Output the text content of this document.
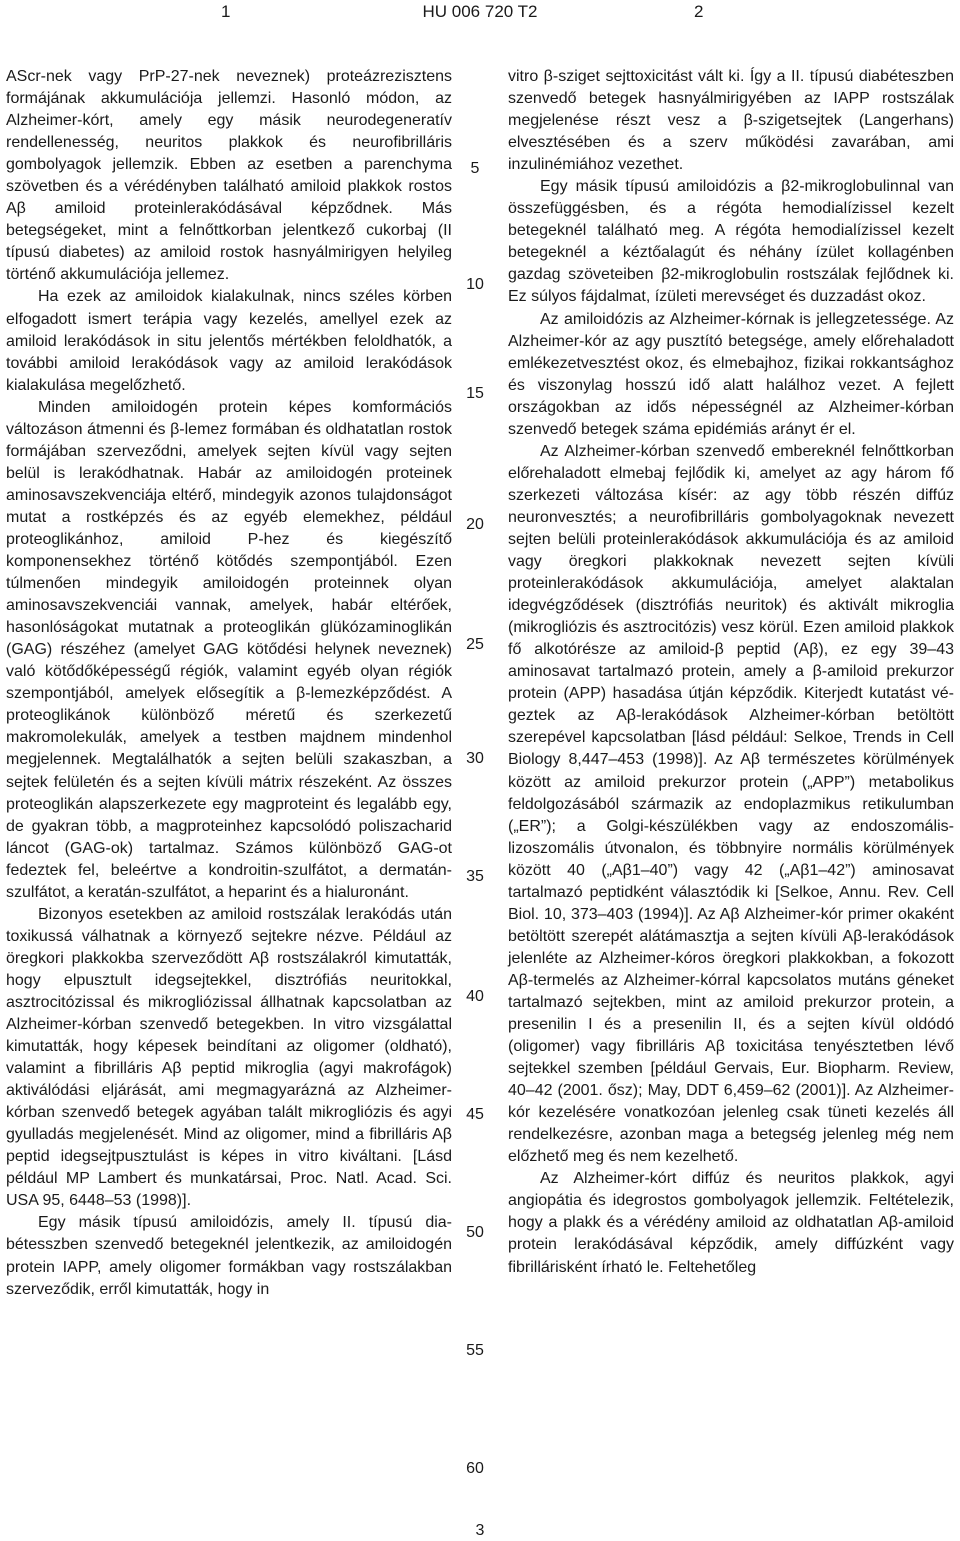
1	HU 006 720 T2	2

AScr-nek vagy PrP-27-nek neveznek) proteázrezisztens formájának akkumulációja jellemzi. Hasonló módon, az Alzheimer-kórt, amely egy másik neurodegeneratív rendellenesség, neuritos plakkok és neurofibrilláris gombolyagok jellemzik. Ebben az esetben a parenchyma szövetben és a vérédényben található amiloid plakkok rostos Aβ amiloid proteinlerakódásával képződnek. Más betegségeket, mint a felnőttkorban jelentkező cukorbaj (II típusú diabetes) az amiloid rostok hasnyálmirigyen helyileg történő akkumulációja jellemez.

Ha ezek az amiloidok kialakulnak, nincs széles körben elfogadott ismert terápia vagy kezelés, amellyel ezek az amiloid lerakódások in situ jelentős mértékben feloldhatók, a további amiloid lerakódások vagy az amiloid lerakódások kialakulása megelőzhető.

Minden amiloidogén protein képes komformációs változáson átmenni és β-lemez formában és oldhatatlan rostok formájában szerveződni, amelyek sejten kívül vagy sejten belül is lerakódhatnak. Habár az amiloidogén proteinek aminosavszekvenciája eltérő, mindegyik azonos tulajdonságot mutat a rostképzés és az egyéb elemekhez, például proteoglikánhoz, amiloid P-hez és kiegészítő komponensekhez történő kötődés szempontjából. Ezen túlmenően mindegyik amiloidogén proteinnek olyan aminosavszekvenciái vannak, amelyek, habár eltérőek, hasonlóságokat mutatnak a proteoglikán glükózaminoglikán (GAG) részéhez (amelyet GAG kötődési helynek neveznek) való kötődőképességű régiók, valamint egyéb olyan régiók szempontjából, amelyek elősegítik a β-lemezképződést. A proteoglikánok különböző méretű és szerkezetű makromolekulák, amelyek a testben majdnem mindenhol megjelennek. Megtalálhatók a sejten belüli szakaszban, a sejtek felületén és a sejten kívüli mátrix részeként. Az összes proteoglikán alapszerkezete egy magproteint és legalább egy, de gyakran több, a magproteinhez kapcsolódó poliszacharid láncot (GAG-ok) tartalmaz. Számos különböző GAG-ot fedeztek fel, beleértve a kondroitin-szulfátot, a dermatán-szulfátot, a keratán-szulfátot, a heparint és a hialuronánt.

Bizonyos esetekben az amiloid rostszálak lerakódás után toxikussá válhatnak a környező sejtekre nézve. Például az öregkori plakkokba szerveződött Aβ rostszálakról kimutatták, hogy elpusztult idegsejtekkel, disztrófiás neuritokkal, asztrocitózissal és mikrogliózissal állhatnak kapcsolatban az Alzheimer-kórban szenvedő betegekben. In vitro vizsgálattal kimutatták, hogy képesek beindítani az oligomer (oldható), valamint a fibrilláris Aβ peptid mikroglia (agyi makrofágok) aktiválódási eljárását, ami megmagyarázná az Alzheimer-kórban szenvedő betegek agyában talált mikrogliózis és agyi gyulladás megjelenését. Mind az oligomer, mind a fibrilláris Aβ peptid idegsejtpusztulást is képes in vitro kiváltani. [Lásd például MP Lambert és munkatársai, Proc. Natl. Acad. Sci. USA 95, 6448–53 (1998)].

Egy másik típusú amiloidózis, amely II. típusú diabétesszben szenvedő betegeknél jelentkezik, az amiloidogén protein IAPP, amely oligomer formákban vagy rostszálakban szerveződik, erről kimutatták, hogy in

vitro β-sziget sejttoxicitást vált ki. Így a II. típusú diabéteszben szenvedő betegek hasnyálmirigyében az IAPP rostszálak megjelenése részt vesz a β-szigetsejtek (Langerhans) elvesztésében és a szerv működési zavarában, ami inzulinémiához vezethet.

Egy másik típusú amiloidózis a β2-mikroglobulinnal van összefüggésben, és a régóta hemodialízissel kezelt betegeknél található meg. A régóta hemodialízissel kezelt betegeknél a kéztőalagút és néhány ízület kollagénben gazdag szöveteiben β2-mikroglobulin rostszálak fejlődnek ki. Ez súlyos fájdalmat, ízületi merevséget és duzzadást okoz.

Az amiloidózis az Alzheimer-kórnak is jellegzetessége. Az Alzheimer-kór az agy pusztító betegsége, amely előrehaladott emlékezetvesztést okoz, és elmebajhoz, fizikai rokkantsághoz és viszonylag hosszú idő alatt halálhoz vezet. A fejlett országokban az idős népességnél az Alzheimer-kórban szenvedő betegek száma epidémiás arányt ér el.

Az Alzheimer-kórban szenvedő embereknél felnőttkorban előrehaladott elmebaj fejlődik ki, amelyet az agy három fő szerkezeti változása kísér: az agy több részén diffúz neuronvesztés; a neurofibrilláris gombolyagoknak nevezett sejten belüli proteinlerakódások akkumulációja és az amiloid vagy öregkori plakkoknak nevezett sejten kívüli proteinlerakódások akkumulációja, amelyet alaktalan idegvégződések (disztrófiás neuritok) és aktivált mikroglia (mikrogliózis és asztrocitózis) vesz körül. Ezen amiloid plakkok fő alkotórésze az amiloid-β peptid (Aβ), ez egy 39–43 aminosavat tartalmazó protein, amely a β-amiloid prekurzor protein (APP) hasadása útján képződik. Kiterjedt kutatást végeztek az Aβ-lerakódások Alzheimer-kórban betöltött szerepével kapcsolatban [lásd például: Selkoe, Trends in Cell Biology 8,447–453 (1998)]. Az Aβ természetes körülmények között az amiloid prekurzor protein („APP”) metabolikus feldolgozásából származik az endoplazmikus retikulumban („ER”); a Golgi-készülékben vagy az endoszomális-lizoszomális útvonalon, és többnyire normális körülmények között 40 („Aβ1–40”) vagy 42 („Aβ1–42”) aminosavat tartalmazó peptidként választódik ki [Selkoe, Annu. Rev. Cell Biol. 10, 373–403 (1994)]. Az Aβ Alzheimer-kór primer okaként betöltött szerepét alátámasztja a sejten kívüli Aβ-lerakódások jelenléte az Alzheimer-kóros öregkori plakkokban, a fokozott Aβ-termelés az Alzheimer-kórral kapcsolatos mutáns géneket tartalmazó sejtekben, mint az amiloid prekurzor protein, a presenilin I és a presenilin II, és a sejten kívül oldódó (oligomer) vagy fibrilláris Aβ toxicitása tenyésztetben lévő sejtekkel szemben [például Gervais, Eur. Biopharm. Review, 40–42 (2001. ősz); May, DDT 6,459–62 (2001)]. Az Alzheimer-kór kezelésére vonatkozóan jelenleg csak tüneti kezelés áll rendelkezésre, azonban maga a betegség jelenleg még nem előzhető meg és nem kezelhető.

Az Alzheimer-kórt diffúz és neuritos plakkok, agyi angiopátia és idegrostos gombolyagok jellemzik. Feltételezik, hogy a plakk és a vérédény amiloid az oldhatatlan Aβ-amiloid protein lerakódásával képződik, amely diffúzként vagy fibrillárisként írható le. Feltehetőleg

5
10
15
20
25
30
35
40
45
50
55
60
3
